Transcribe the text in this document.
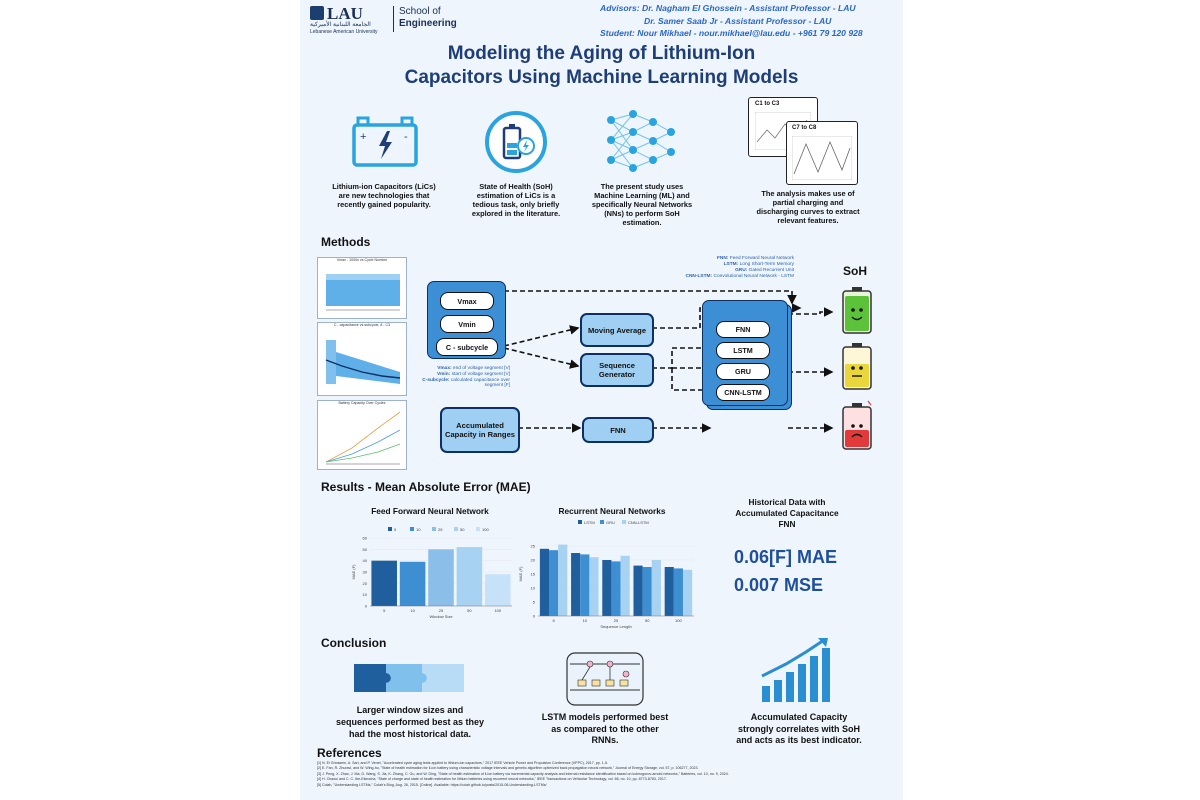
LAU
الجامعة اللبنانية الأميركية
Lebanese American University
School of
Engineering
Advisors: Dr. Nagham El Ghossein - Assistant Professor - LAU
Dr. Samer Saab Jr - Assistant Professor - LAU
Student: Nour Mikhael - nour.mikhael@lau.edu - +961 79 120 928
Modeling the Aging of Lithium-Ion
Capacitors Using Machine Learning Models
+	-
C1 to C3
C7 to C8
Lithium-ion Capacitors (LiCs) are new technologies that recently gained popularity.
State of Health (SoH) estimation of LiCs is a tedious task, only briefly explored in the literature.
The present study uses Machine Learning (ML) and specifically Neural Networks (NNs) to perform SoH estimation.
The analysis makes use of partial charging and discharging curves to extract relevant features.
Methods
Vmax - 1000s vs Cycle Number
C - capacitance vs subcycle, 8 - C3
Battery Capacity Over Cycles
FNN: Feed Forward Neural Network
LSTM: Long Short-Term Memory
GRU: Gated Recurrent Unit
CNN-LSTM: Convolutional Neural Network - LSTM	SoH
Vmax
Vmin
C - subcycle
Vmax: end of voltage segment [V]
Vmin: start of voltage segment [V]
C-subcycle: calculated capacitance over segment [F]
Moving Average
Sequence Generator
Accumulated Capacity in Ranges	FNN
FNN
LSTM
GRU
CNN-LSTM
Results - Mean Absolute Error (MAE)
Feed Forward Neural Network	Recurrent Neural Networks
Historical Data with Accumulated Capacitance FNN
0.06[F] MAE
0.007 MSE
5	10	25	50	100
0
10
20
30
40
50
60
5	10	25	50	100
Window Size
MAE (F)
LSTM	GRU	CNN-LSTM
0
5
10
15
20
25
5	10	25	50	100
Sequence Length
MAE (F)
Conclusion
Larger window sizes and sequences performed best as they had the most historical data.
LSTM models performed best as compared to the other RNNs.
Accumulated Capacity strongly correlates with SoH and acts as its best indicator.
References
[1] N. El Ghossein, A. Sari, and P. Venet, "Accelerated cycle aging tests applied to lithium-ion capacitors," 2017 IEEE Vehicle Power and Propulsion Conference (VPPC), 2017, pp. 1-5.
[2] E. Fan, R. Zhuravl, and W. Wing-hu, "State of health estimation for li-ion battery using characteristic voltage intervals and genetic algorithm optimized back propagation neural network," Journal of Energy Storage, vol. 57, p. 106277, 2023.
[3] J. Peng, X. Zhao, J. Ma, D. Wang, S. Jia, K. Zhang, C. Gu, and W. Ding, "State of health estimation of li-ion battery via incremental capacity analysis and internal resistance identification based on kolmogorov-arnold networks," Batteries, vol. 10, no. 9, 2024.
[4] H. Chaoui and C. C. Ibe-Ekeocha, "State of charge and state of health estimation for lithium batteries using recurrent neural networks," IEEE Transactions on Vehicular Technology, vol. 66, no. 10, pp. 8773-8783, 2017.
[5] Colah, "Understanding LSTMs," Colah's Blog, Aug. 26, 2015. [Online]. Available: https://colah.github.io/posts/2015-08-Understanding-LSTMs/
